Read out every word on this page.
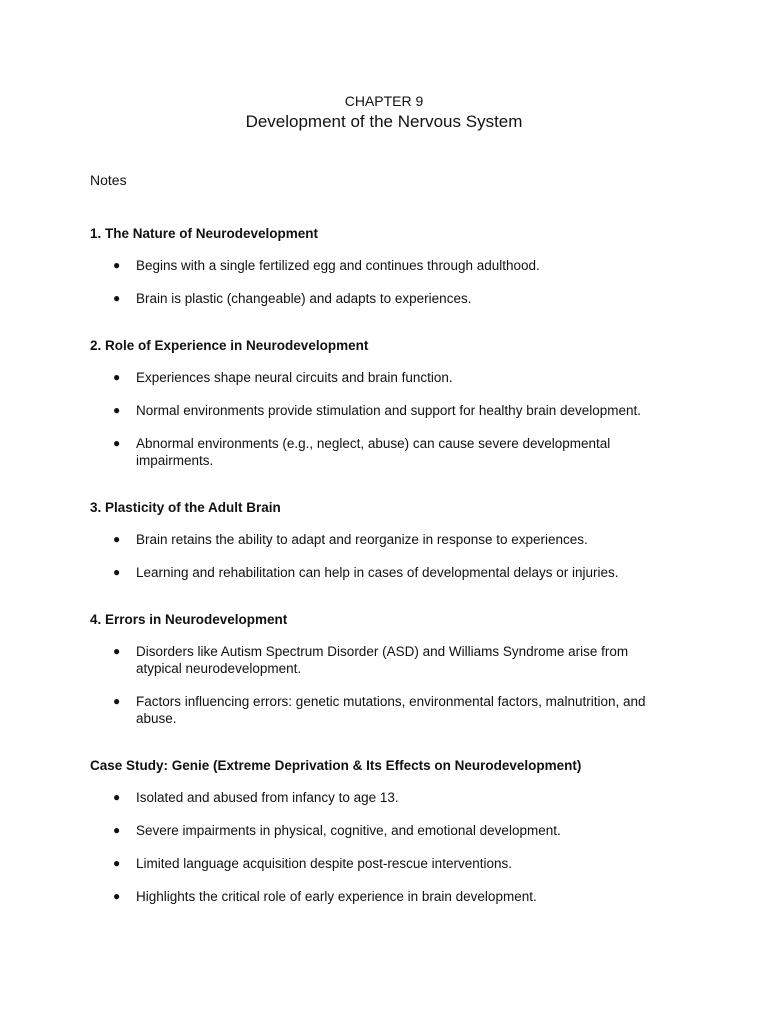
CHAPTER 9
Development of the Nervous System
Notes
1. The Nature of Neurodevelopment
● Begins with a single fertilized egg and continues through adulthood.
● Brain is plastic (changeable) and adapts to experiences.
2. Role of Experience in Neurodevelopment
● Experiences shape neural circuits and brain function.
● Normal environments provide stimulation and support for healthy brain development.
● Abnormal environments (e.g., neglect, abuse) can cause severe developmental impairments.
3. Plasticity of the Adult Brain
● Brain retains the ability to adapt and reorganize in response to experiences.
● Learning and rehabilitation can help in cases of developmental delays or injuries.
4. Errors in Neurodevelopment
● Disorders like Autism Spectrum Disorder (ASD) and Williams Syndrome arise from atypical neurodevelopment.
● Factors influencing errors: genetic mutations, environmental factors, malnutrition, and abuse.
Case Study: Genie (Extreme Deprivation & Its Effects on Neurodevelopment)
● Isolated and abused from infancy to age 13.
● Severe impairments in physical, cognitive, and emotional development.
● Limited language acquisition despite post-rescue interventions.
● Highlights the critical role of early experience in brain development.
